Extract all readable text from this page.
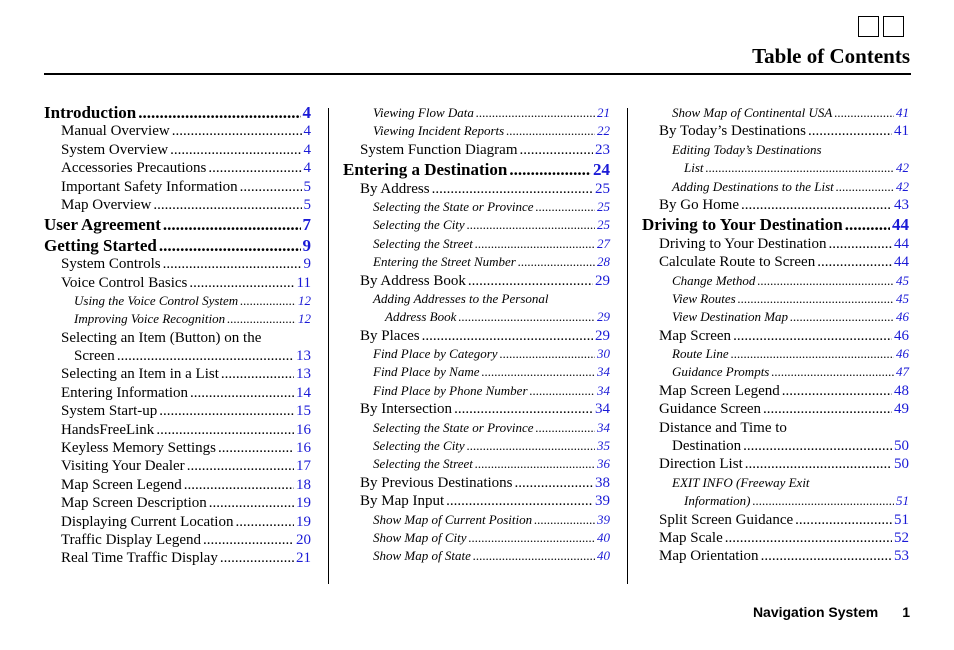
Table of Contents
Introduction .....	4
Manual Overview .....	4
System Overview .....	4
Accessories Precautions .....	4
Important Safety Information .....	5
Map Overview .....	5
User Agreement .....	7
Getting Started .....	9
System Controls .....	9
Voice Control Basics .....	11
Using the Voice Control System .....	12
Improving Voice Recognition .....	12
Selecting an Item (Button) on the
Screen .....	13
Selecting an Item in a List .....	13
Entering Information .....	14
System Start-up .....	15
HandsFreeLink .....	16
Keyless Memory Settings .....	16
Visiting Your Dealer .....	17
Map Screen Legend .....	18
Map Screen Description .....	19
Displaying Current Location .....	19
Traffic Display Legend .....	20
Real Time Traffic Display .....	21
Viewing Flow Data .....	21
Viewing Incident Reports .....	22
System Function Diagram .....	23
Entering a Destination .....	24
By Address .....	25
Selecting the State or Province .....	25
Selecting the City .....	25
Selecting the Street .....	27
Entering the Street Number .....	28
By Address Book .....	29
Adding Addresses to the Personal
Address Book .....	29
By Places .....	29
Find Place by Category .....	30
Find Place by Name .....	34
Find Place by Phone Number .....	34
By Intersection .....	34
Selecting the State or Province .....	34
Selecting the City .....	35
Selecting the Street .....	36
By Previous Destinations .....	38
By Map Input .....	39
Show Map of Current Position .....	39
Show Map of City .....	40
Show Map of State .....	40
Show Map of Continental USA .....	41
By Today’s Destinations .....	41
Editing Today’s Destinations
List .....	42
Adding Destinations to the List .....	42
By Go Home .....	43
Driving to Your Destination .....	44
Driving to Your Destination .....	44
Calculate Route to Screen .....	44
Change Method .....	45
View Routes .....	45
View Destination Map .....	46
Map Screen .....	46
Route Line .....	46
Guidance Prompts .....	47
Map Screen Legend .....	48
Guidance Screen .....	49
Distance and Time to
Destination .....	50
Direction List .....	50
EXIT INFO (Freeway Exit
Information) .....	51
Split Screen Guidance .....	51
Map Scale .....	52
Map Orientation .....	53
Navigation System 1
